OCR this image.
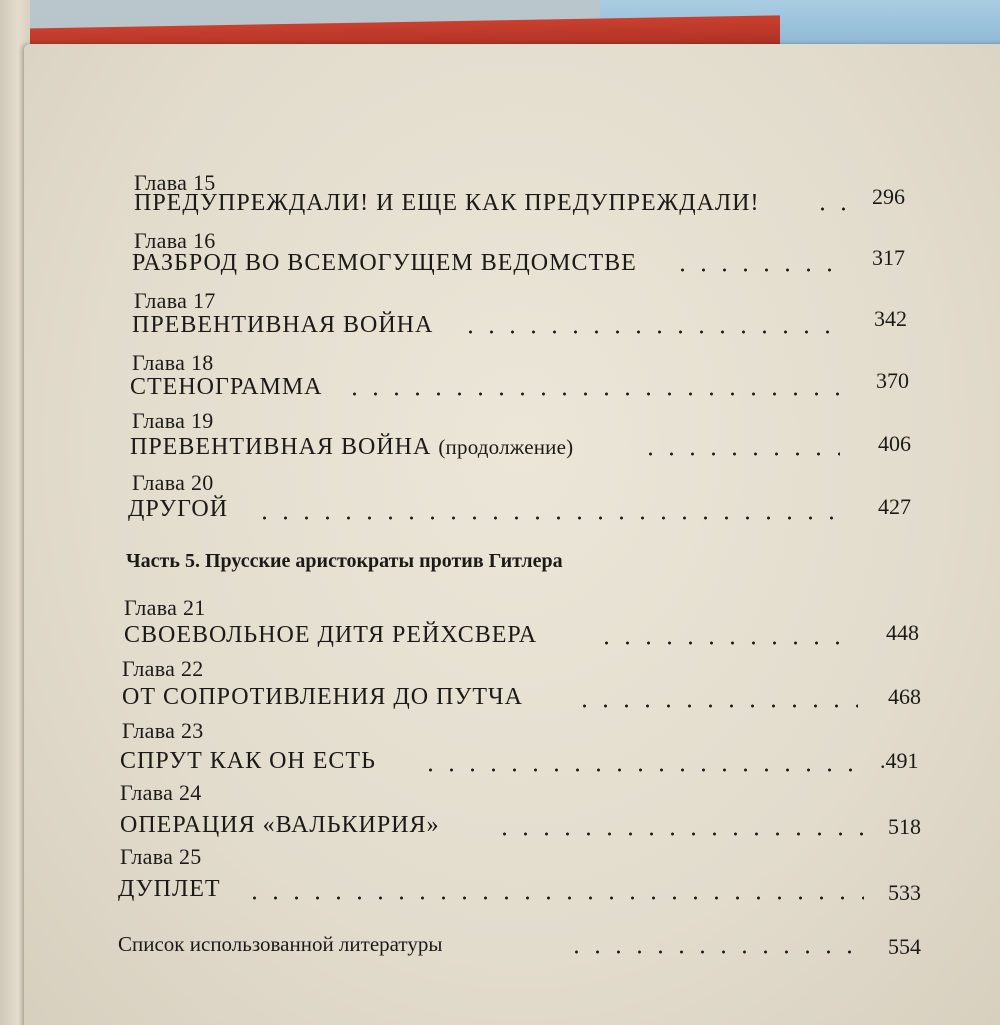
Глава 15
ПРЕДУПРЕЖДАЛИ! И ЕЩЕ КАК ПРЕДУПРЕЖДАЛИ!	296
Глава 16
РАЗБРОД ВО ВСЕМОГУЩЕМ ВЕДОМСТВЕ	317
Глава 17
ПРЕВЕНТИВНАЯ ВОЙНА	342
Глава 18
СТЕНОГРАММА	370
Глава 19
ПРЕВЕНТИВНАЯ ВОЙНА (продолжение)	406
Глава 20
ДРУГОЙ	427
Часть 5. Прусские аристократы против Гитлера
Глава 21
СВОЕВОЛЬНОЕ ДИТЯ РЕЙХСВЕРА	448
Глава 22
ОТ СОПРОТИВЛЕНИЯ ДО ПУТЧА	468
Глава 23
СПРУТ КАК ОН ЕСТЬ	.491
Глава 24
ОПЕРАЦИЯ «ВАЛЬКИРИЯ»	518
Глава 25
ДУПЛЕТ	533
Список использованной литературы	554
